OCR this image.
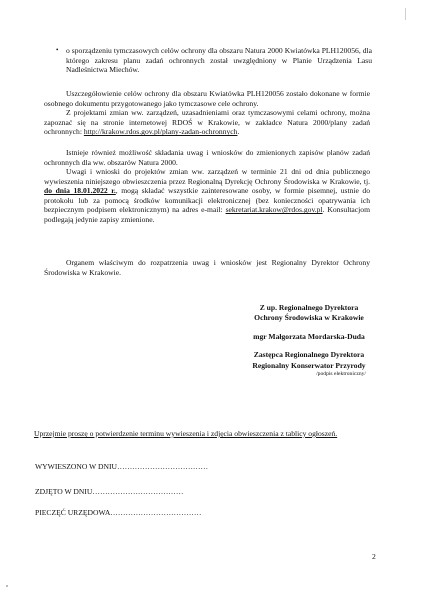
• o sporządzeniu tymczasowych celów ochrony dla obszaru Natura 2000 Kwiatówka PLH120056, dla którego zakresu planu zadań ochronnych został uwzględniony w Planie Urządzenia Lasu Nadleśnictwa Miechów.
Uszczegółowienie celów ochrony dla obszaru Kwiatówka PLH120056 zostało dokonane w formie osobnego dokumentu przygotowanego jako tymczasowe cele ochrony.
Z projektami zmian ww. zarządzeń, uzasadnieniami oraz tymczasowymi celami ochrony, można zapoznać się na stronie internetowej RDOŚ w Krakowie, w zakładce Natura 2000/plany zadań ochronnych: http://krakow.rdos.gov.pl/plany-zadan-ochronnych.
Istnieje również możliwość składania uwag i wniosków do zmienionych zapisów planów zadań ochronnych dla ww. obszarów Natura 2000.
Uwagi i wnioski do projektów zmian ww. zarządzeń w terminie 21 dni od dnia publicznego wywieszenia niniejszego obwieszczenia przez Regionalną Dyrekcję Ochrony Środowiska w Krakowie, tj. do dnia 18.01.2022 r., mogą składać wszystkie zainteresowane osoby, w formie pisemnej, ustnie do protokołu lub za pomocą środków komunikacji elektronicznej (bez konieczności opatrywania ich bezpiecznym podpisem elektronicznym) na adres e-mail: sekretariat.krakow@rdos.gov.pl. Konsultacjom podlegają jedynie zapisy zmienione.
Organem właściwym do rozpatrzenia uwag i wniosków jest Regionalny Dyrektor Ochrony Środowiska w Krakowie.
Z up. Regionalnego Dyrektora
Ochrony Środowiska w Krakowie
mgr Małgorzata Mordarska-Duda
Zastępca Regionalnego Dyrektora
Regionalny Konserwator Przyrody
/podpis elektroniczny/
Uprzejmie proszę o potwierdzenie terminu wywieszenia i zdjęcia obwieszczenia z tablicy ogłoszeń.
WYWIESZONO W DNIU………………………………
ZDJĘTO W DNIU………………………………
PIECZĘĆ URZĘDOWA………………………………
2
